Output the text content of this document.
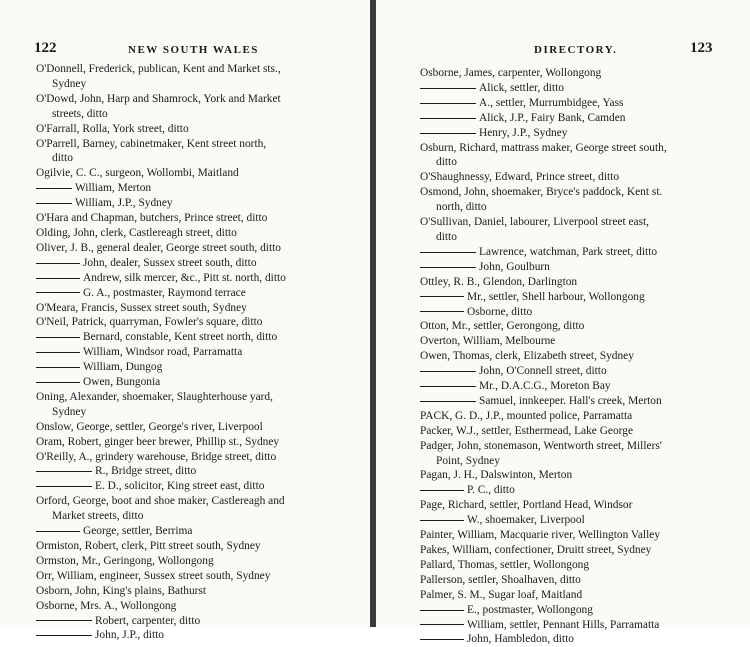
122	NEW SOUTH WALES
O'Donnell, Frederick, publican, Kent and Market sts.,
Sydney
O'Dowd, John, Harp and Shamrock, York and Market
streets, ditto
O'Farrall, Rolla, York street, ditto
O'Parrell, Barney, cabinetmaker, Kent street north,
ditto
Ogilvie, C. C., surgeon, Wollombi, Maitland
William, Merton
William, J.P., Sydney
O'Hara and Chapman, butchers, Prince street, ditto
Olding, John, clerk, Castlereagh street, ditto
Oliver, J. B., general dealer, George street south, ditto
John, dealer, Sussex street south, ditto
Andrew, silk mercer, &c., Pitt st. north, ditto
G. A., postmaster, Raymond terrace
O'Meara, Francis, Sussex street south, Sydney
O'Neil, Patrick, quarryman, Fowler's square, ditto
Bernard, constable, Kent street north, ditto
William, Windsor road, Parramatta
William, Dungog
Owen, Bungonia
Oning, Alexander, shoemaker, Slaughterhouse yard,
Sydney
Onslow, George, settler, George's river, Liverpool
Oram, Robert, ginger beer brewer, Phillip st., Sydney
O'Reilly, A., grindery warehouse, Bridge street, ditto
R., Bridge street, ditto
E. D., solicitor, King street east, ditto
Orford, George, boot and shoe maker, Castlereagh and
Market streets, ditto
George, settler, Berrima
Ormiston, Robert, clerk, Pitt street south, Sydney
Ormston, Mr., Geringong, Wollongong
Orr, William, engineer, Sussex street south, Sydney
Osborn, John, King's plains, Bathurst
Osborne, Mrs. A., Wollongong
Robert, carpenter, ditto
John, J.P., ditto
DIRECTORY.	123
Osborne, James, carpenter, Wollongong
Alick, settler, ditto
A., settler, Murrumbidgee, Yass
Alick, J.P., Fairy Bank, Camden
Henry, J.P., Sydney
Osburn, Richard, mattrass maker, George street south,
ditto
O'Shaughnessy, Edward, Prince street, ditto
Osmond, John, shoemaker, Bryce's paddock, Kent st.
north, ditto
O'Sullivan, Daniel, labourer, Liverpool street east,
ditto
Lawrence, watchman, Park street, ditto
John, Goulburn
Ottley, R. B., Glendon, Darlington
Mr., settler, Shell harbour, Wollongong
Osborne, ditto
Otton, Mr., settler, Gerongong, ditto
Overton, William, Melbourne
Owen, Thomas, clerk, Elizabeth street, Sydney
John, O'Connell street, ditto
Mr., D.A.C.G., Moreton Bay
Samuel, innkeeper. Hall's creek, Merton
PACK, G. D., J.P., mounted police, Parramatta
Packer, W.J., settler, Esthermead, Lake George
Padger, John, stonemason, Wentworth street, Millers'
Point, Sydney
Pagan, J. H., Dalswinton, Merton
P. C., ditto
Page, Richard, settler, Portland Head, Windsor
W., shoemaker, Liverpool
Painter, William, Macquarie river, Wellington Valley
Pakes, William, confectioner, Druitt street, Sydney
Pallard, Thomas, settler, Wollongong
Pallerson, settler, Shoalhaven, ditto
Palmer, S. M., Sugar loaf, Maitland
E., postmaster, Wollongong
William, settler, Pennant Hills, Parramatta
John, Hambledon, ditto
